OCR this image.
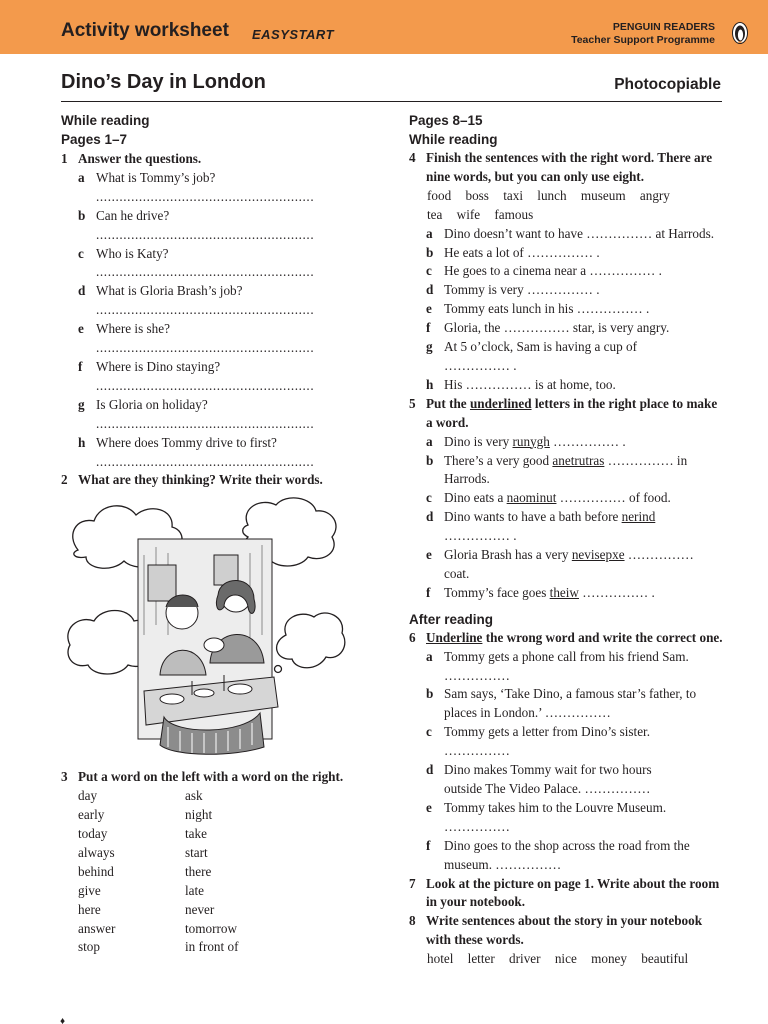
Activity worksheet EASYSTART	PENGUIN READERS
Teacher Support Programme
Dino’s Day in London	Photocopiable
While reading
Pages 1–7
1 Answer the questions.
a What is Tommy’s job?
........................................................
b Can he drive?
........................................................
c Who is Katy?
........................................................
d What is Gloria Brash’s job?
........................................................
e Where is she?
........................................................
f Where is Dino staying?
........................................................
g Is Gloria on holiday?
........................................................
h Where does Tommy drive to first?
........................................................
2 What are they thinking? Write their words.
3 Put a word on the left with a word on the right.
day	ask
early	night
today	take
always	start
behind	there
give	late
here	never
answer	tomorrow
stop	in front of
Pages 8–15
While reading
4 Finish the sentences with the right word. There are nine words, but you can only use eight.
food boss taxi lunch museum angry
tea wife famous
a Dino doesn’t want to have …………… at Harrods.
b He eats a lot of …………… .
c He goes to a cinema near a …………… .
d Tommy is very …………… .
e Tommy eats lunch in his …………… .
f Gloria, the …………… star, is very angry.
g At 5 o’clock, Sam is having a cup of
…………… .
h His …………… is at home, too.
5 Put the underlined letters in the right place to make a word.
a Dino is very runygh …………… .
b There’s a very good anetrutras …………… in Harrods.
c Dino eats a naominut …………… of food.
d Dino wants to have a bath before nerind
…………… .
e Gloria Brash has a very nevisepxe ……………
coat.
f Tommy’s face goes theiw …………… .
After reading
6 Underline the wrong word and write the correct one.
a Tommy gets a phone call from his friend Sam.
……………
b Sam says, ‘Take Dino, a famous star’s father, to
places in London.’ ……………
c Tommy gets a letter from Dino’s sister.
……………
d Dino makes Tommy wait for two hours
outside The Video Palace. ……………
e Tommy takes him to the Louvre Museum.
……………
f Dino goes to the shop across the road from the
museum. ……………
7 Look at the picture on page 1. Write about the room in your notebook.
8 Write sentences about the story in your notebook with these words.
hotel letter driver nice money beautiful
♦
